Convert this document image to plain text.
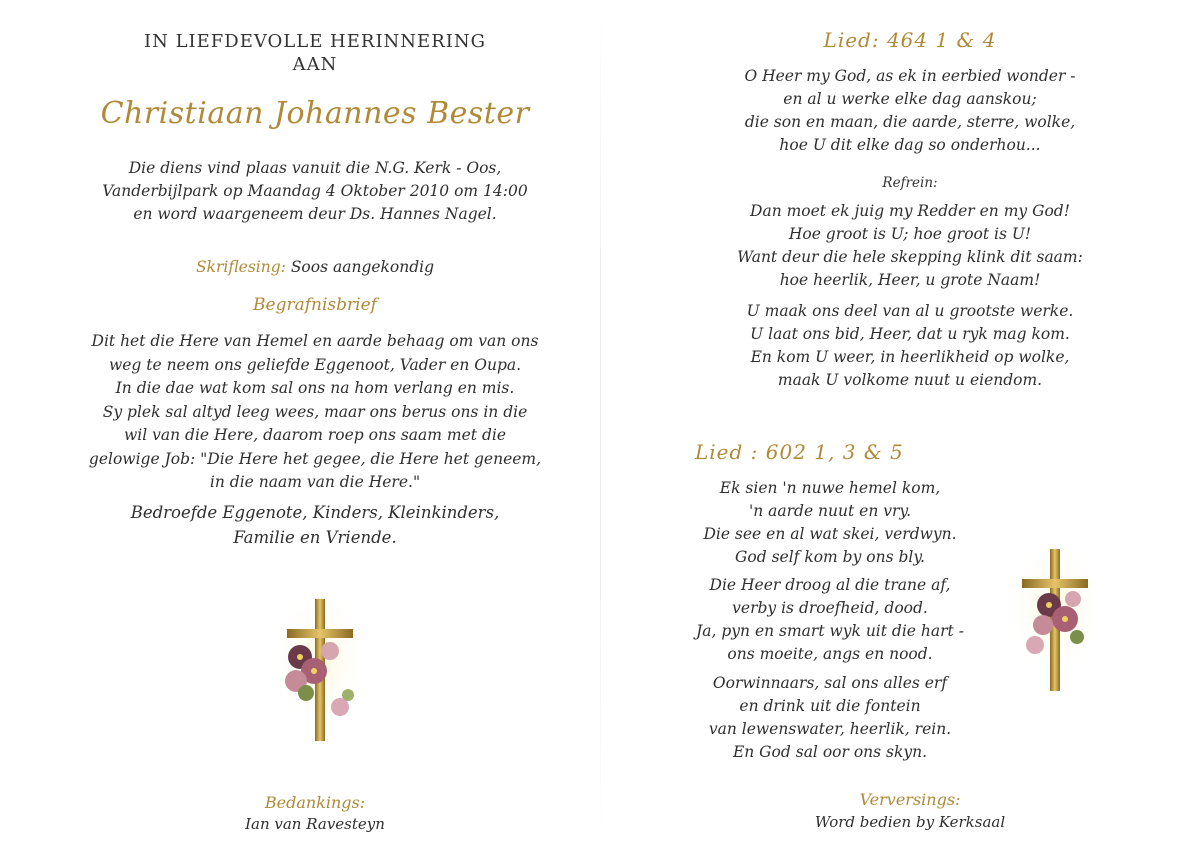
IN LIEFDEVOLLE HERINNERING
AAN
Christiaan Johannes Bester
Die diens vind plaas vanuit die N.G. Kerk - Oos,
Vanderbijlpark op Maandag 4 Oktober 2010 om 14:00
en word waargeneem deur Ds. Hannes Nagel.
Skriflesing: Soos aangekondig
Begrafnisbrief
Dit het die Here van Hemel en aarde behaag om van ons
weg te neem ons geliefde Eggenoot, Vader en Oupa.
In die dae wat kom sal ons na hom verlang en mis.
Sy plek sal altyd leeg wees, maar ons berus ons in die
wil van die Here, daarom roep ons saam met die
gelowige Job: "Die Here het gegee, die Here het geneem,
in die naam van die Here."
Bedroefde Eggenote, Kinders, Kleinkinders,
Familie en Vriende.
Bedankings:
Ian van Ravesteyn
Lied: 464 1 & 4
O Heer my God, as ek in eerbied wonder -
en al u werke elke dag aanskou;
die son en maan, die aarde, sterre, wolke,
hoe U dit elke dag so onderhou...
Refrein:
Dan moet ek juig my Redder en my God!
Hoe groot is U; hoe groot is U!
Want deur die hele skepping klink dit saam:
hoe heerlik, Heer, u grote Naam!
U maak ons deel van al u grootste werke.
U laat ons bid, Heer, dat u ryk mag kom.
En kom U weer, in heerlikheid op wolke,
maak U volkome nuut u eiendom.
Lied : 602 1, 3 & 5
Ek sien 'n nuwe hemel kom,
'n aarde nuut en vry.
Die see en al wat skei, verdwyn.
God self kom by ons bly.
Die Heer droog al die trane af,
verby is droefheid, dood.
Ja, pyn en smart wyk uit die hart -
ons moeite, angs en nood.
Oorwinnaars, sal ons alles erf
en drink uit die fontein
van lewenswater, heerlik, rein.
En God sal oor ons skyn.
Verversings:
Word bedien by Kerksaal
